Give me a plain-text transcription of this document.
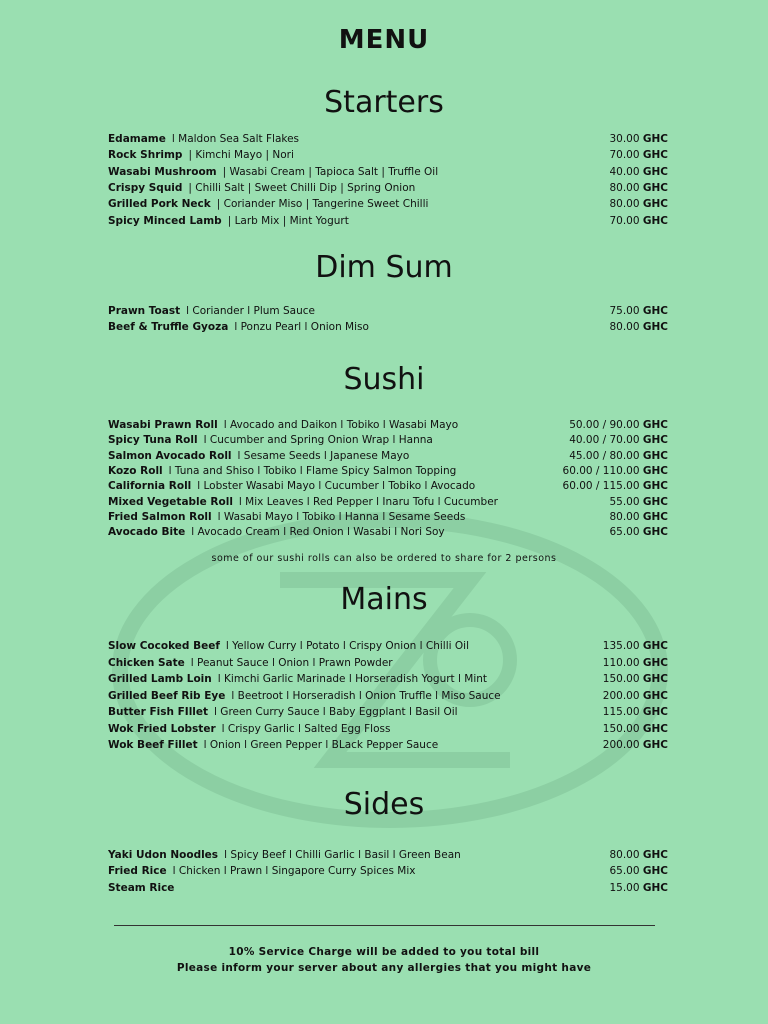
MENU
Starters
Edamame l Maldon Sea Salt Flakes	30.00 GHC
Rock Shrimp | Kimchi Mayo | Nori	70.00 GHC
Wasabi Mushroom | Wasabi Cream | Tapioca Salt | Truffle Oil	40.00 GHC
Crispy Squid | Chilli Salt | Sweet Chilli Dip | Spring Onion	80.00 GHC
Grilled Pork Neck | Coriander Miso | Tangerine Sweet Chilli	80.00 GHC
Spicy Minced Lamb | Larb Mix | Mint Yogurt	70.00 GHC
Dim Sum
Prawn Toast l Coriander l Plum Sauce	75.00 GHC
Beef & Truffle Gyoza l Ponzu Pearl l Onion Miso	80.00 GHC
Sushi
Wasabi Prawn Roll l Avocado and Daikon l Tobiko l Wasabi Mayo	50.00 / 90.00 GHC
Spicy Tuna Roll l Cucumber and Spring Onion Wrap l Hanna	40.00 / 70.00 GHC
Salmon Avocado Roll l Sesame Seeds l Japanese Mayo	45.00 / 80.00 GHC
Kozo Roll l Tuna and Shiso l Tobiko l Flame Spicy Salmon Topping	60.00 / 110.00 GHC
California Roll l Lobster Wasabi Mayo l Cucumber l Tobiko l Avocado	60.00 / 115.00 GHC
Mixed Vegetable Roll l Mix Leaves l Red Pepper l Inaru Tofu l Cucumber	55.00 GHC
Fried Salmon Roll l Wasabi Mayo l Tobiko l Hanna l Sesame Seeds	80.00 GHC
Avocado Bite l Avocado Cream l Red Onion l Wasabi l Nori Soy	65.00 GHC
some of our sushi rolls can also be ordered to share for 2 persons
Mains
Slow Cocoked Beef l Yellow Curry l Potato l Crispy Onion l Chilli Oil	135.00 GHC
Chicken Sate l Peanut Sauce l Onion l Prawn Powder	110.00 GHC
Grilled Lamb Loin l Kimchi Garlic Marinade l Horseradish Yogurt l Mint	150.00 GHC
Grilled Beef Rib Eye l Beetroot l Horseradish l Onion Truffle l Miso Sauce	200.00 GHC
Butter Fish FIllet l Green Curry Sauce l Baby Eggplant l Basil Oil	115.00 GHC
Wok Fried Lobster l Crispy Garlic l Salted Egg Floss	150.00 GHC
Wok Beef Fillet l Onion l Green Pepper l BLack Pepper Sauce	200.00 GHC
Sides
Yaki Udon Noodles l Spicy Beef l Chilli Garlic l Basil l Green Bean	80.00 GHC
Fried Rice l Chicken l Prawn l Singapore Curry Spices Mix	65.00 GHC
Steam Rice	15.00 GHC
10% Service Charge will be added to you total bill
Please inform your server about any allergies that you might have
